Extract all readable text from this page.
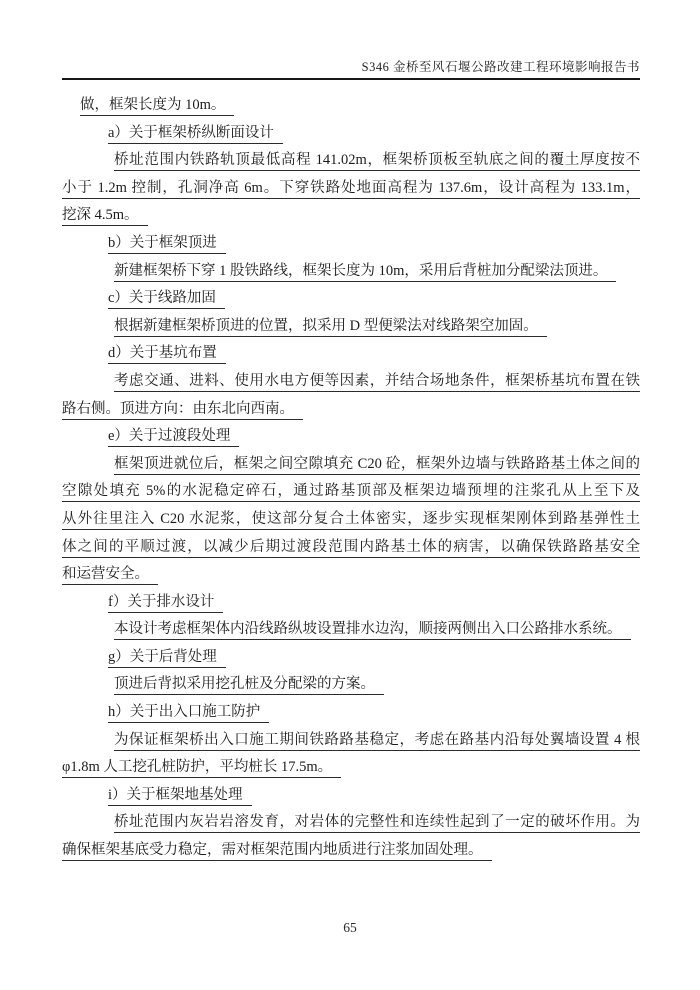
S346 金桥至风石堰公路改建工程环境影响报告书
做，框架长度为 10m。
a）关于框架桥纵断面设计
桥址范围内铁路轨顶最低高程 141.02m，框架桥顶板至轨底之间的覆土厚度按不
小于 1.2m 控制，孔洞净高 6m。下穿铁路处地面高程为 137.6m，设计高程为 133.1m，
挖深 4.5m。
b）关于框架顶进
新建框架桥下穿 1 股铁路线，框架长度为 10m，采用后背桩加分配梁法顶进。
c）关于线路加固
根据新建框架桥顶进的位置，拟采用 D 型便梁法对线路架空加固。
d）关于基坑布置
考虑交通、进料、使用水电方便等因素，并结合场地条件，框架桥基坑布置在铁
路右侧。顶进方向：由东北向西南。
e）关于过渡段处理
框架顶进就位后，框架之间空隙填充 C20 砼，框架外边墙与铁路路基土体之间的
空隙处填充 5%的水泥稳定碎石，通过路基顶部及框架边墙预埋的注浆孔从上至下及
从外往里注入 C20 水泥浆，使这部分复合土体密实，逐步实现框架刚体到路基弹性土
体之间的平顺过渡，以减少后期过渡段范围内路基土体的病害，以确保铁路路基安全
和运营安全。
f）关于排水设计
本设计考虑框架体内沿线路纵坡设置排水边沟，顺接两侧出入口公路排水系统。
g）关于后背处理
顶进后背拟采用挖孔桩及分配梁的方案。
h）关于出入口施工防护
为保证框架桥出入口施工期间铁路路基稳定，考虑在路基内沿每处翼墙设置 4 根
φ1.8m 人工挖孔桩防护，平均桩长 17.5m。
i）关于框架地基处理
桥址范围内灰岩岩溶发育，对岩体的完整性和连续性起到了一定的破坏作用。为
确保框架基底受力稳定，需对框架范围内地质进行注浆加固处理。
65
